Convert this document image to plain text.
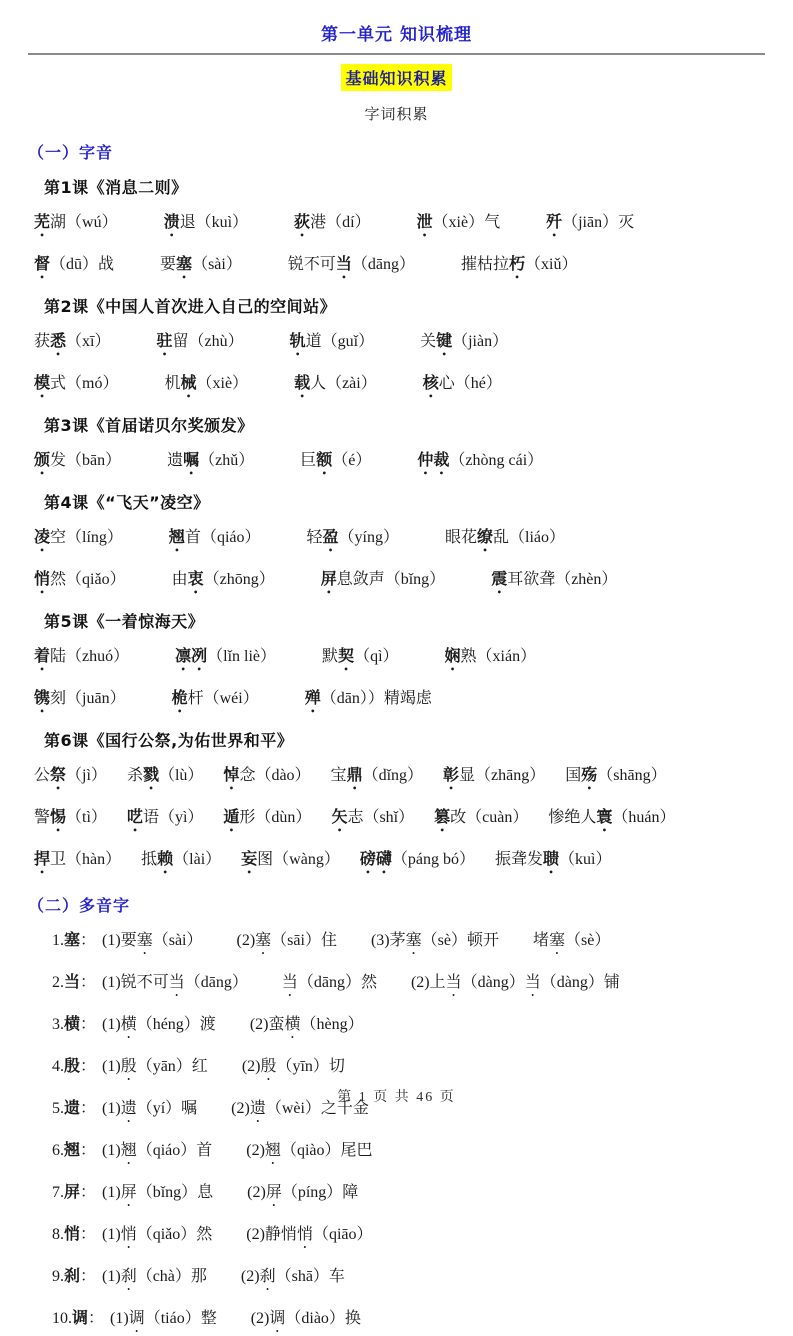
第一单元 知识梳理
基础知识积累
字词积累
（一）字音
第1课《消息二则》
芜湖（wú）	溃退（kuì）	荻港（dí）	泄（xiè）气	歼（jiān）灭
督（dū）战	要塞（sài）	锐不可当（dāng）	摧枯拉朽（xiǔ）
第2课《中国人首次进入自己的空间站》
获悉（xī）	驻留（zhù）	轨道（guǐ）	关键（jiàn）
模式（mó）	机械（xiè）	载人（zài）	核心（hé）
第3课《首届诺贝尔奖颁发》
颁发（bān）	遗嘱（zhǔ）	巨额（é）	仲裁（zhòng cái）
第4课《“飞天”凌空》
凌空（líng）	翘首（qiáo）	轻盈（yíng）	眼花缭乱（liáo）
悄然（qiǎo）	由衷（zhōng）	屏息敛声（bǐng）	震耳欲聋（zhèn）
第5课《一着惊海天》
着陆（zhuó）	凛冽（lǐn liè）	默契（qì）	娴熟（xián）
镌刻（juān）	桅杆（wéi）	殚（dān））精竭虑
第6课《国行公祭,为佑世界和平》
公祭（jì） 杀戮（lù） 悼念（dào） 宝鼎（dǐng） 彰显（zhāng） 国殇（shāng）
警惕（tì） 呓语（yì） 遁形（dùn） 矢志（shǐ） 篡改（cuàn） 惨绝人寰（huán）
捍卫（hàn） 抵赖（lài） 妄图（wàng） 磅礴（páng bó） 振聋发聩（kuì）
（二）多音字
1.塞： (1)要塞（sài） (2)塞（sāi）住 (3)茅塞（sè）顿开 堵塞（sè）
2.当： (1)锐不可当（dāng） 当（dāng）然 (2)上当（dàng）当（dàng）铺
3.横： (1)横（héng）渡 (2)蛮横（hèng）
4.殷： (1)殷（yān）红 (2)殷（yīn）切
5.遗： (1)遗（yí）嘱 (2)遗（wèi）之千金
6.翘： (1)翘（qiáo）首 (2)翘（qiào）尾巴
7.屏： (1)屏（bǐng）息 (2)屏（píng）障
8.悄： (1)悄（qiǎo）然 (2)静悄悄（qiāo）
9.刹： (1)刹（chà）那 (2)刹（shā）车
10.调： (1)调（tiáo）整 (2)调（diào）换
第 1 页 共 46 页
